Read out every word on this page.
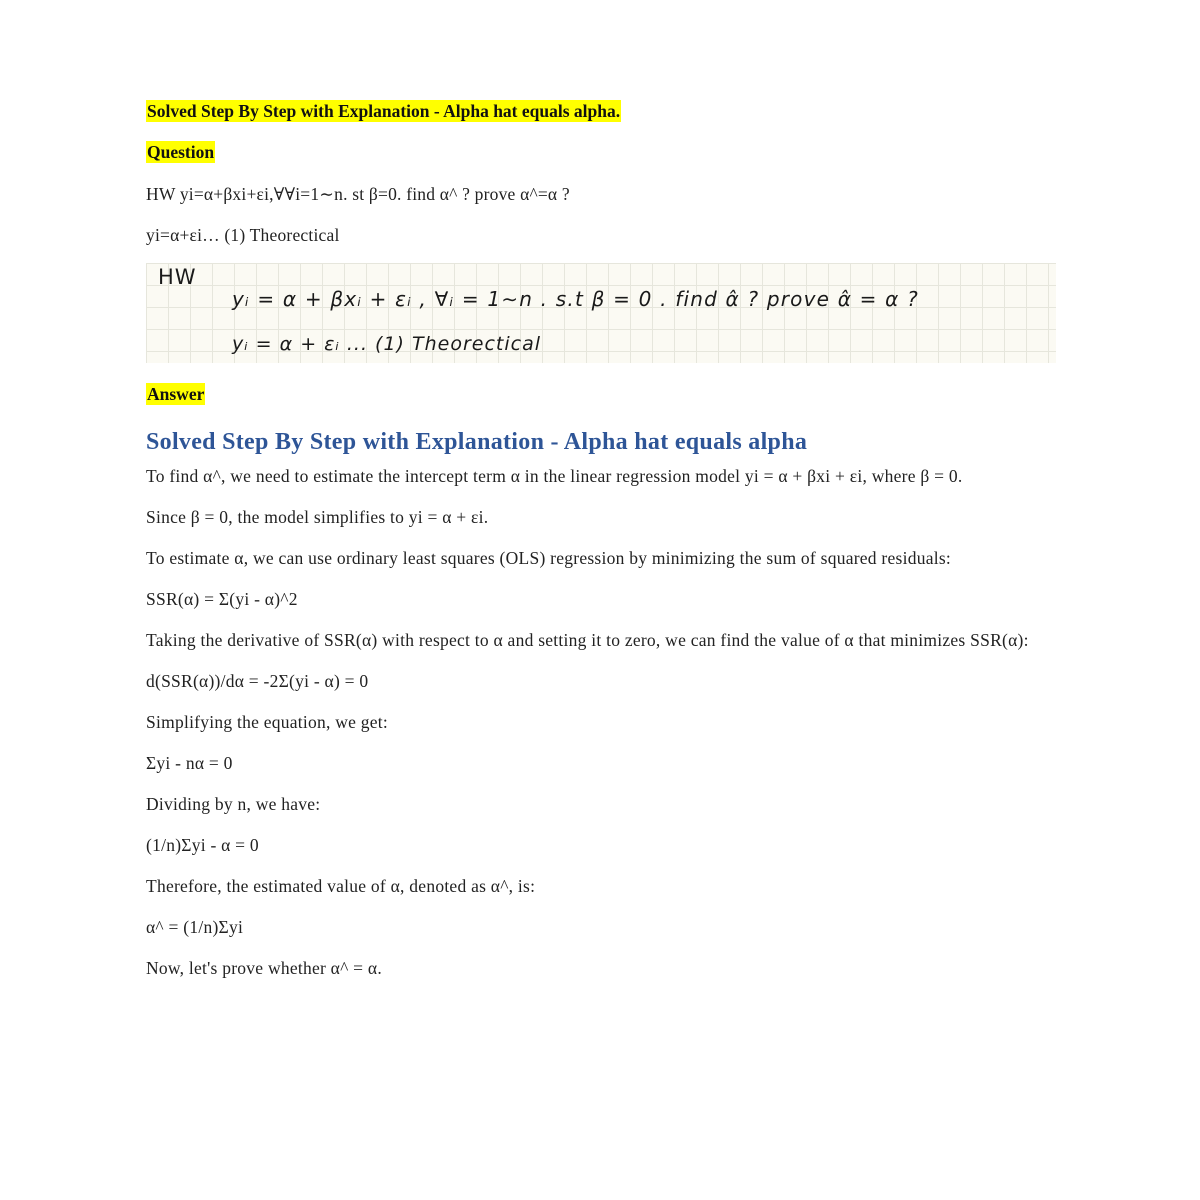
Solved Step By Step with Explanation - Alpha hat equals alpha.
Question

HW yi=α+βxi+εi,∀∀i=1∼n. st β=0. find α^ ? prove α^=α ?

yi=α+εi… (1) Theorectical

HW
yᵢ = α + βxᵢ + εᵢ , ∀ᵢ = 1∼n . s.t β = 0 . find α̂ ? prove α̂ = α ?
yᵢ = α + εᵢ ... (1) Theorectical
Answer
Solved Step By Step with Explanation - Alpha hat equals alpha

To find α^, we need to estimate the intercept term α in the linear regression model yi = α + βxi + εi, where β = 0.

Since β = 0, the model simplifies to yi = α + εi.

To estimate α, we can use ordinary least squares (OLS) regression by minimizing the sum of squared residuals:

SSR(α) = Σ(yi - α)^2

Taking the derivative of SSR(α) with respect to α and setting it to zero, we can find the value of α that minimizes SSR(α):

d(SSR(α))/dα = -2Σ(yi - α) = 0

Simplifying the equation, we get:

Σyi - nα = 0

Dividing by n, we have:

(1/n)Σyi - α = 0

Therefore, the estimated value of α, denoted as α^, is:

α^ = (1/n)Σyi

Now, let's prove whether α^ = α.
